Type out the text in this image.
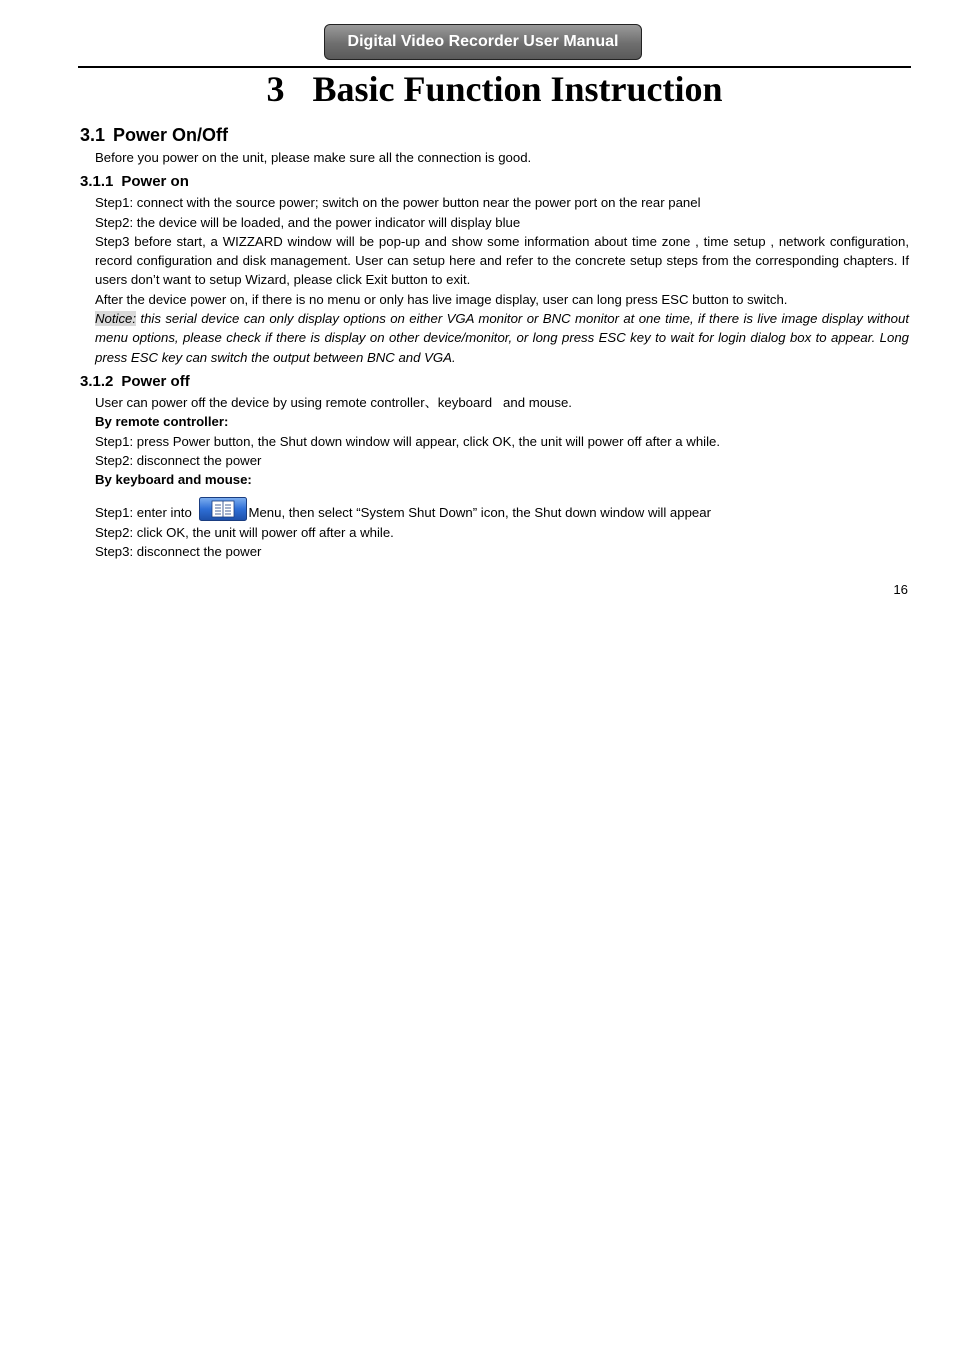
Digital Video Recorder User Manual
3 Basic Function Instruction
3.1 Power On/Off

Before you power on the unit, please make sure all the connection is good.

3.1.1 Power on

Step1: connect with the source power; switch on the power button near the power port on the rear panel

Step2: the device will be loaded, and the power indicator will display blue

Step3 before start, a WIZZARD window will be pop-up and show some information about time zone , time setup , network configuration, record configuration and disk management. User can setup here and refer to the concrete setup steps from the corresponding chapters. If users don’t want to setup Wizard, please click Exit button to exit.

After the device power on, if there is no menu or only has live image display, user can long press ESC button to switch.

Notice: this serial device can only display options on either VGA monitor or BNC monitor at one time, if there is live image display without menu options, please check if there is display on other device/monitor, or long press ESC key to wait for login dialog box to appear. Long press ESC key can switch the output between BNC and VGA.

3.1.2 Power off

User can power off the device by using remote controller、keyboard   and mouse.

By remote controller:

Step1: press Power button, the Shut down window will appear, click OK, the unit will power off after a while.

Step2: disconnect the power

By keyboard and mouse:

Step1: enter into	Menu, then select “System Shut Down” icon, the Shut down window will appear

Step2: click OK, the unit will power off after a while.

Step3: disconnect the power

16
